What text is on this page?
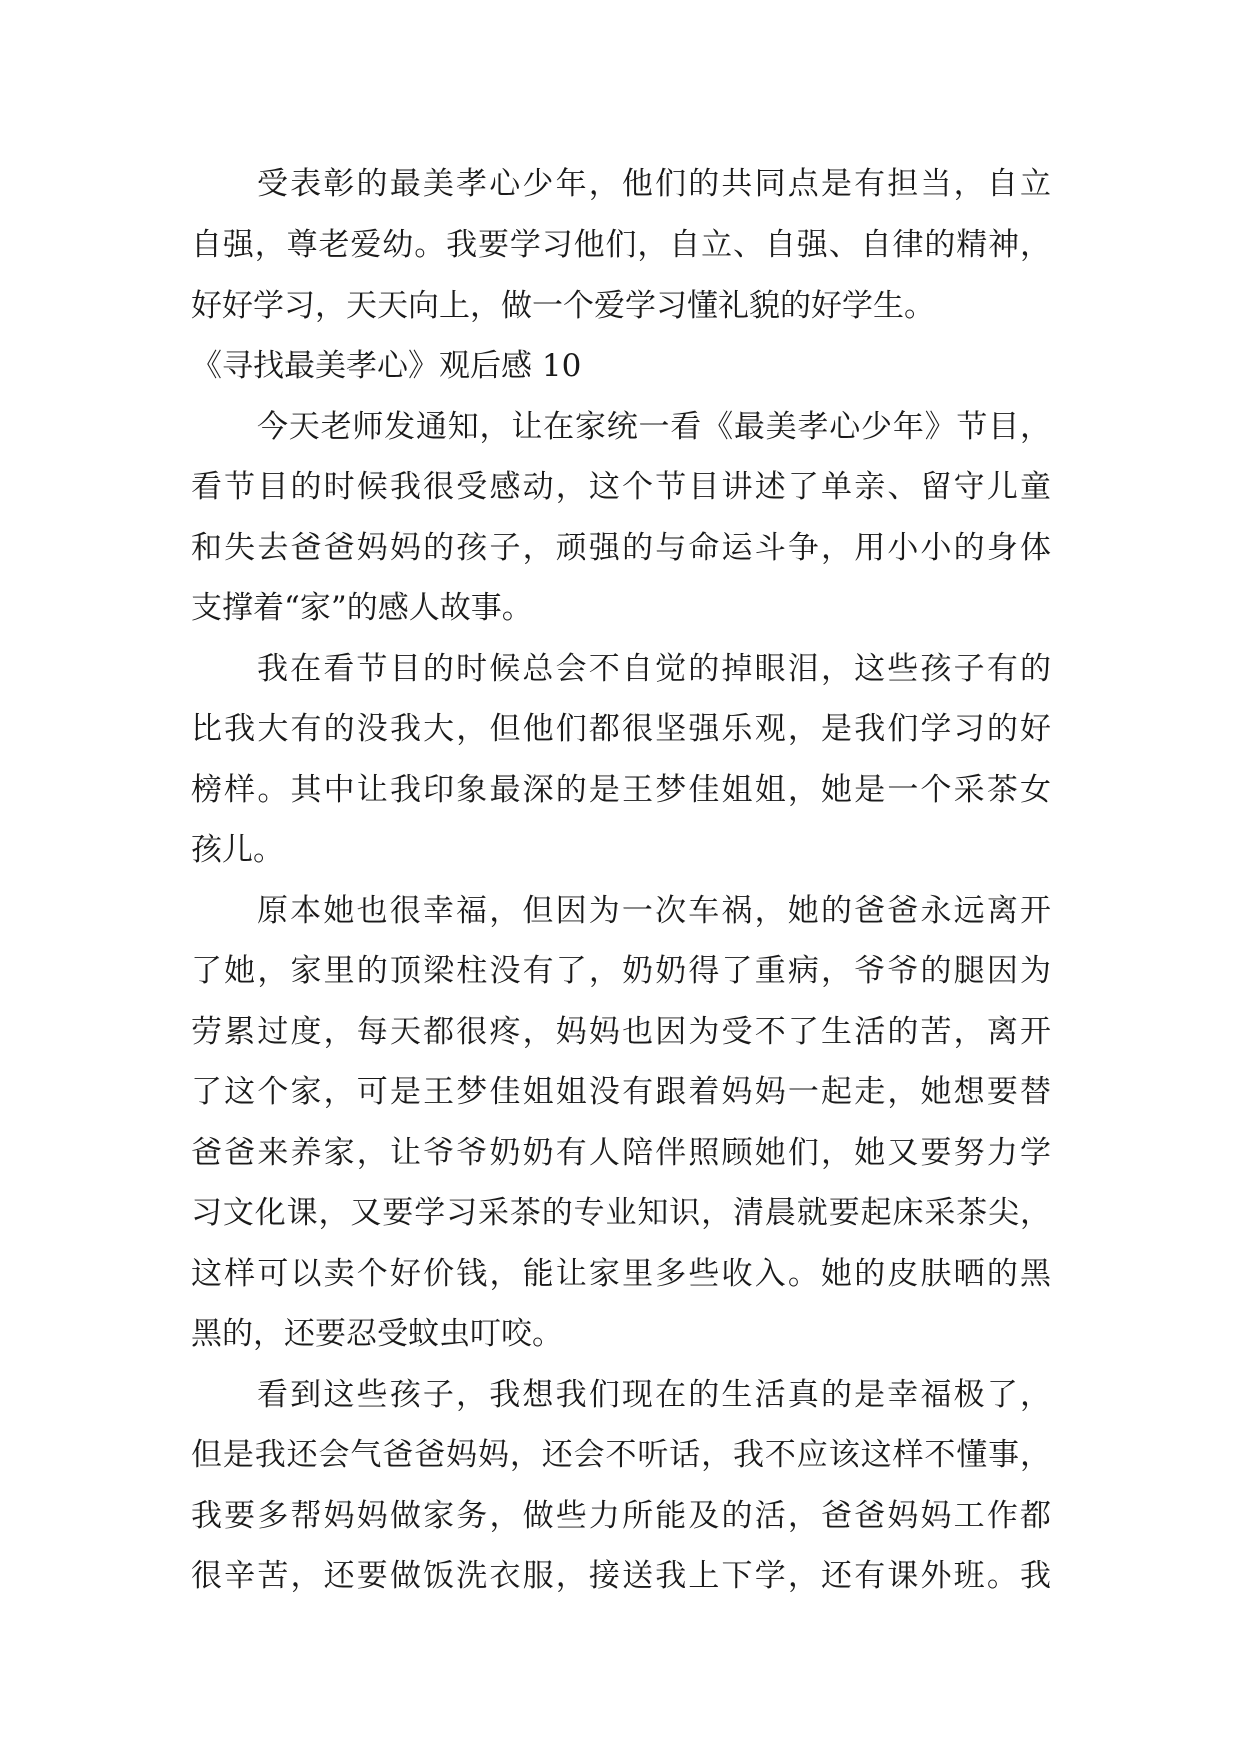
受表彰的最美孝心少年，他们的共同点是有担当，自立
自强，尊老爱幼。我要学习他们，自立、自强、自律的精神，
好好学习，天天向上，做一个爱学习懂礼貌的好学生。
《寻找最美孝心》观后感 10
今天老师发通知，让在家统一看《最美孝心少年》节目，
看节目的时候我很受感动，这个节目讲述了单亲、留守儿童
和失去爸爸妈妈的孩子，顽强的与命运斗争，用小小的身体
支撑着“家”的感人故事。
我在看节目的时候总会不自觉的掉眼泪，这些孩子有的
比我大有的没我大，但他们都很坚强乐观，是我们学习的好
榜样。其中让我印象最深的是王梦佳姐姐，她是一个采茶女
孩儿。
原本她也很幸福，但因为一次车祸，她的爸爸永远离开
了她，家里的顶梁柱没有了，奶奶得了重病，爷爷的腿因为
劳累过度，每天都很疼，妈妈也因为受不了生活的苦，离开
了这个家，可是王梦佳姐姐没有跟着妈妈一起走，她想要替
爸爸来养家，让爷爷奶奶有人陪伴照顾她们，她又要努力学
习文化课，又要学习采茶的专业知识，清晨就要起床采茶尖，
这样可以卖个好价钱，能让家里多些收入。她的皮肤晒的黑
黑的，还要忍受蚊虫叮咬。
看到这些孩子，我想我们现在的生活真的是幸福极了，
但是我还会气爸爸妈妈，还会不听话，我不应该这样不懂事，
我要多帮妈妈做家务，做些力所能及的活，爸爸妈妈工作都
很辛苦，还要做饭洗衣服，接送我上下学，还有课外班。我
